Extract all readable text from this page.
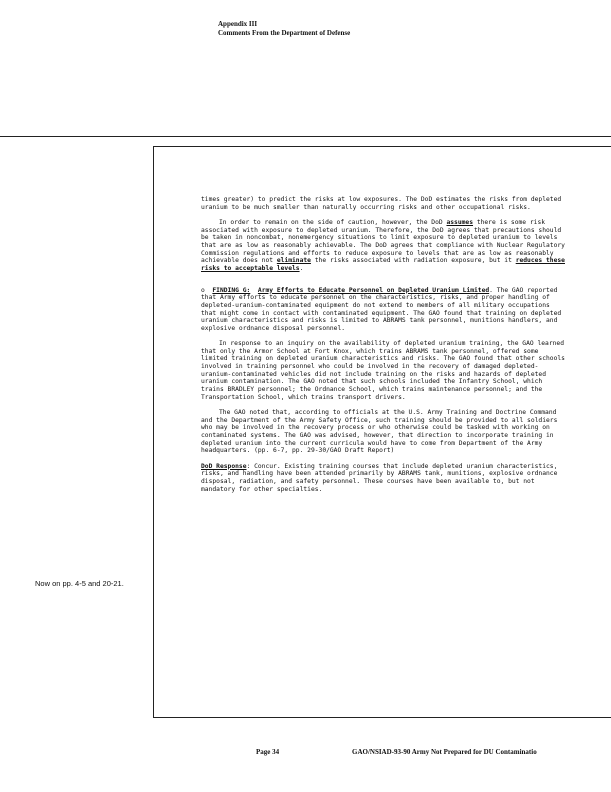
Appendix III
Comments From the Department of Defense

times greater) to predict the risks at low exposures. The DoD estimates the risks from depleted uranium to be much smaller than naturally occurring risks and other occupational risks.

In order to remain on the side of caution, however, the DoD assumes there is some risk associated with exposure to depleted uranium. Therefore, the DoD agrees that precautions should be taken in noncombat, nonemergency situations to limit exposure to depleted uranium to levels that are as low as reasonably achievable. The DoD agrees that compliance with Nuclear Regulatory Commission regulations and efforts to reduce exposure to levels that are as low as reasonably achievable does not eliminate the risks associated with radiation exposure, but it reduces these risks to acceptable levels.

o FINDING G: Army Efforts to Educate Personnel on Depleted Uranium Limited. The GAO reported that Army efforts to educate personnel on the characteristics, risks, and proper handling of depleted-uranium-contaminated equipment do not extend to members of all military occupations that might come in contact with contaminated equipment. The GAO found that training on depleted uranium characteristics and risks is limited to ABRAMS tank personnel, munitions handlers, and explosive ordnance disposal personnel.

In response to an inquiry on the availability of depleted uranium training, the GAO learned that only the Armor School at Fort Knox, which trains ABRAMS tank personnel, offered some limited training on depleted uranium characteristics and risks. The GAO found that other schools involved in training personnel who could be involved in the recovery of damaged depleted-uranium-contaminated vehicles did not include training on the risks and hazards of depleted uranium contamination. The GAO noted that such schools included the Infantry School, which trains BRADLEY personnel; the Ordnance School, which trains maintenance personnel; and the Transportation School, which trains transport drivers.

The GAO noted that, according to officials at the U.S. Army Training and Doctrine Command and the Department of the Army Safety Office, such training should be provided to all soldiers who may be involved in the recovery process or who otherwise could be tasked with working on contaminated systems. The GAO was advised, however, that direction to incorporate training in depleted uranium into the current curricula would have to come from Department of the Army headquarters. (pp. 6-7, pp. 29-30/GAO Draft Report)

DoD Response: Concur. Existing training courses that include depleted uranium characteristics, risks, and handling have been attended primarily by ABRAMS tank, munitions, explosive ordnance disposal, radiation, and safety personnel. These courses have been available to, but not mandatory for other specialties.

Now on pp. 4-5 and 20-21.
Page 34	GAO/NSIAD-93-90 Army Not Prepared for DU Contaminatio
